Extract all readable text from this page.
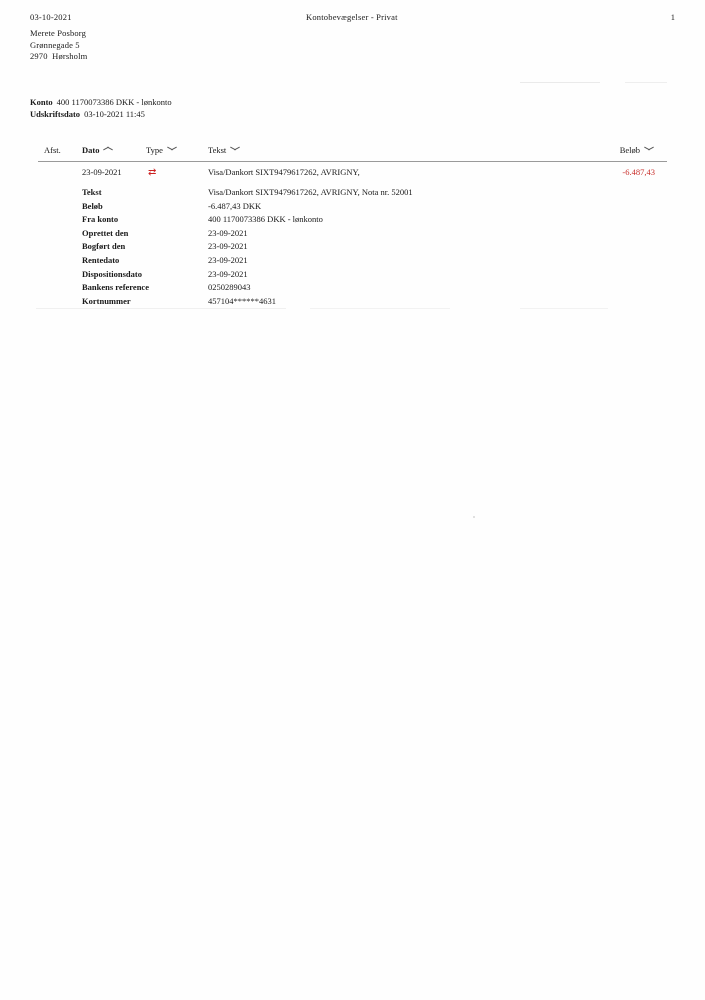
03-10-2021	Kontobevægelser - Privat	1
Merete Posborg
Grønnegade 5
2970  Hørsholm
Konto 400 1170073386 DKK - lønkonto
Udskriftsdato 03-10-2021 11:45
Afst. Dato	Type	Tekst	Beløb
23-09-2021	⇄	Visa/Dankort SIXT9479617262, AVRIGNY,	-6.487,43
Tekst	Visa/Dankort SIXT9479617262, AVRIGNY, Nota nr. 52001
Beløb	-6.487,43 DKK
Fra konto	400 1170073386 DKK - lønkonto
Oprettet den	23-09-2021
Bogført den	23-09-2021
Rentedato	23-09-2021
Dispositionsdato	23-09-2021
Bankens reference	0250289043
Kortnummer	457104******4631
